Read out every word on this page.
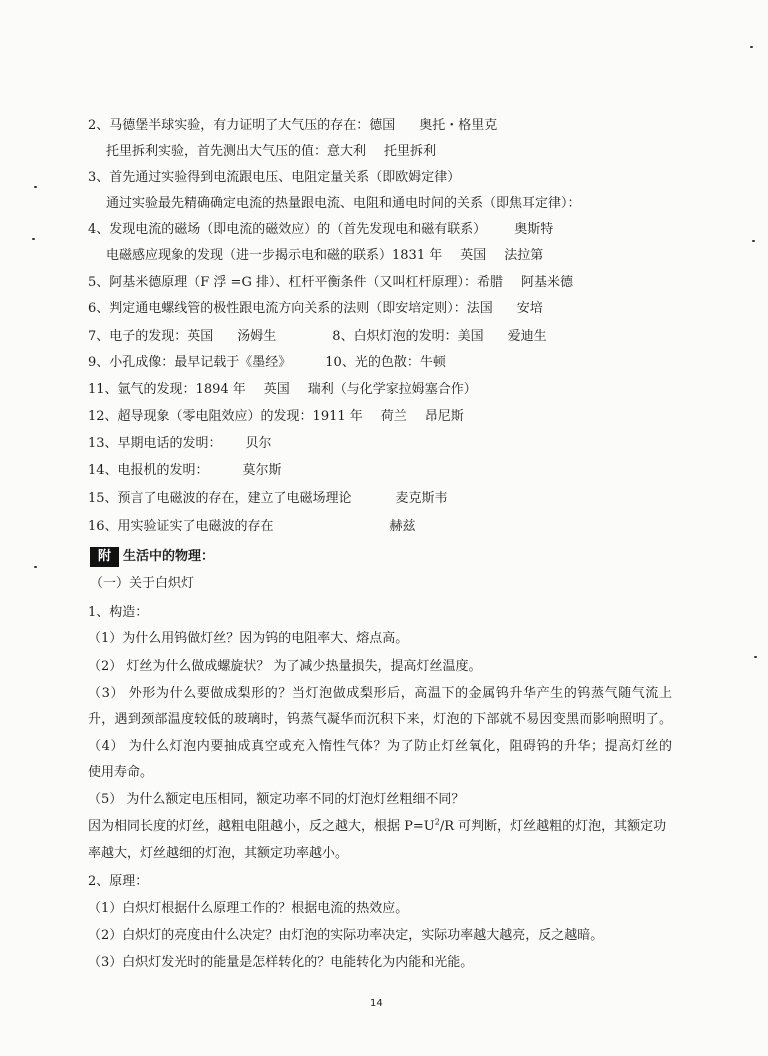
2、马德堡半球实验，有力证明了大气压的存在：德国 奥托・格里克
托里拆利实验，首先测出大气压的值：意大利 托里拆利
3、首先通过实验得到电流跟电压、电阻定量关系（即欧姆定律）
通过实验最先精确确定电流的热量跟电流、电阻和通电时间的关系（即焦耳定律）：
4、发现电流的磁场（即电流的磁效应）的（首先发现电和磁有联系） 奥斯特
电磁感应现象的发现（进一步揭示电和磁的联系）1831 年 英国 法拉第
5、阿基米德原理（F 浮 =G 排）、杠杆平衡条件（又叫杠杆原理）：希腊 阿基米德
6、判定通电螺线管的极性跟电流方向关系的法则（即安培定则）：法国 安培
7、电子的发现：英国 汤姆生	8、白炽灯泡的发明：美国 爱迪生
9、小孔成像：最早记载于《墨经》	10、光的色散：牛顿
11、氩气的发现：1894 年 英国 瑞利（与化学家拉姆塞合作）
12、超导现象（零电阻效应）的发现：1911 年 荷兰 昂尼斯
13、早期电话的发明： 贝尔
14、电报机的发明：	莫尔斯
15、预言了电磁波的存在，建立了电磁场理论	麦克斯韦
16、用实验证实了电磁波的存在	赫兹
附 生活中的物理：
（一）关于白炽灯
1、构造：
（1）为什么用钨做灯丝？因为钨的电阻率大、熔点高。
（2） 灯丝为什么做成螺旋状？ 为了减少热量损失，提高灯丝温度。
（3） 外形为什么要做成梨形的？当灯泡做成梨形后，高温下的金属钨升华产生的钨蒸气随气流上
升，遇到颈部温度较低的玻璃时，钨蒸气凝华而沉积下来，灯泡的下部就不易因变黑而影响照明了。
（4） 为什么灯泡内要抽成真空或充入惰性气体？为了防止灯丝氧化，阻碍钨的升华；提高灯丝的
使用寿命。
（5） 为什么额定电压相同，额定功率不同的灯泡灯丝粗细不同？
因为相同长度的灯丝，越粗电阻越小，反之越大，根据 $P=U^2/R$ 可判断，灯丝越粗的灯泡，其额定功
率越大，灯丝越细的灯泡，其额定功率越小。
2、原理：
（1）白炽灯根据什么原理工作的？根据电流的热效应。
（2）白炽灯的亮度由什么决定？由灯泡的实际功率决定，实际功率越大越亮，反之越暗。
（3）白炽灯发光时的能量是怎样转化的？电能转化为内能和光能。
14
